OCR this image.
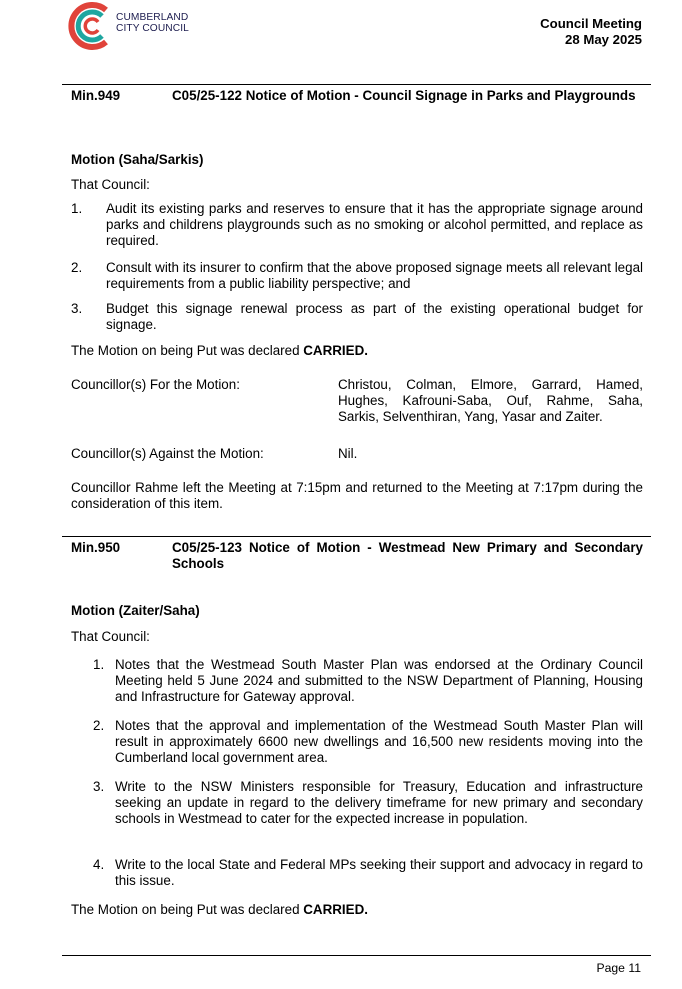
CUMBERLAND
CITY COUNCIL	Council Meeting
28 May 2025
Min.949	C05/25-122 Notice of Motion - Council Signage in Parks and Playgrounds
Motion (Saha/Sarkis)
That Council:
1. Audit its existing parks and reserves to ensure that it has the appropriate signage around parks and childrens playgrounds such as no smoking or alcohol permitted, and replace as required.
2. Consult with its insurer to confirm that the above proposed signage meets all relevant legal requirements from a public liability perspective; and
3. Budget this signage renewal process as part of the existing operational budget for signage.
The Motion on being Put was declared CARRIED.
Councillor(s) For the Motion:	Christou, Colman, Elmore, Garrard, Hamed, Hughes, Kafrouni-Saba, Ouf, Rahme, Saha, Sarkis, Selventhiran, Yang, Yasar and Zaiter.
Councillor(s) Against the Motion:	Nil.
Councillor Rahme left the Meeting at 7:15pm and returned to the Meeting at 7:17pm during the consideration of this item.
Min.950	C05/25-123 Notice of Motion - Westmead New Primary and Secondary Schools
Motion (Zaiter/Saha)
That Council:
1. Notes that the Westmead South Master Plan was endorsed at the Ordinary Council Meeting held 5 June 2024 and submitted to the NSW Department of Planning, Housing and Infrastructure for Gateway approval.
2. Notes that the approval and implementation of the Westmead South Master Plan will result in approximately 6600 new dwellings and 16,500 new residents moving into the Cumberland local government area.
3. Write to the NSW Ministers responsible for Treasury, Education and infrastructure seeking an update in regard to the delivery timeframe for new primary and secondary schools in Westmead to cater for the expected increase in population.
4. Write to the local State and Federal MPs seeking their support and advocacy in regard to this issue.
The Motion on being Put was declared CARRIED.
Page 11
